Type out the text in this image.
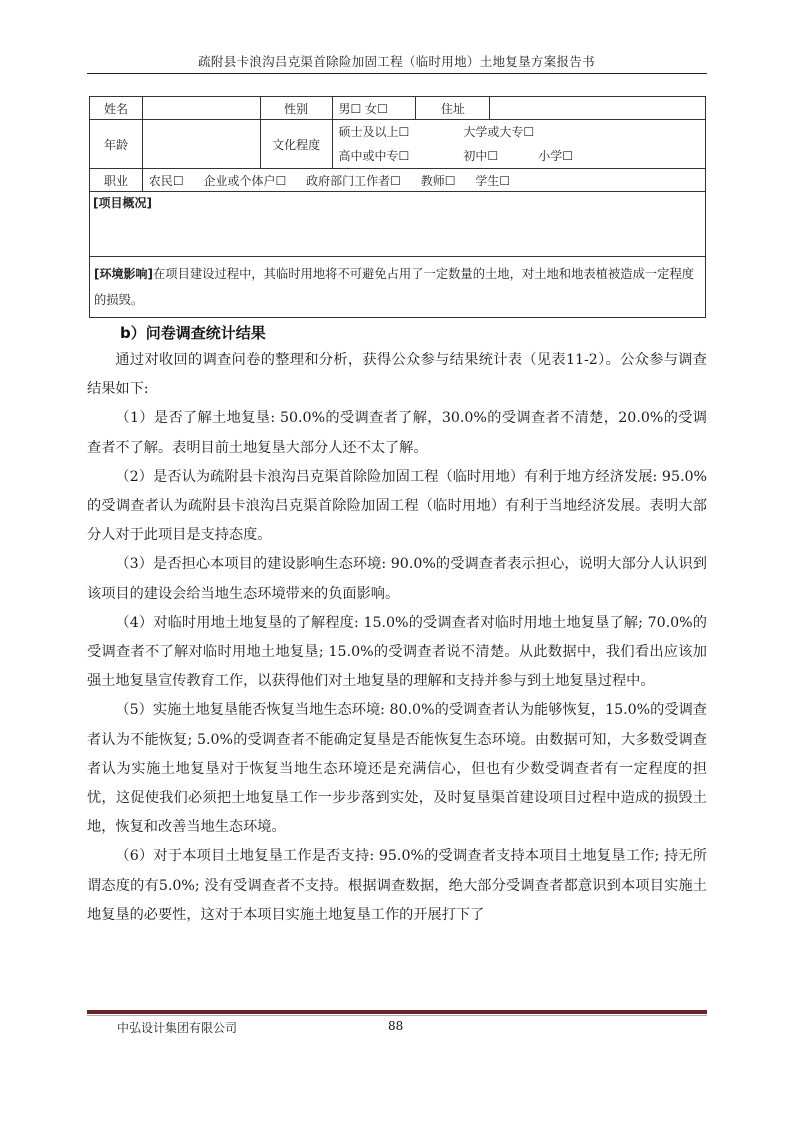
疏附县卡浪沟吕克渠首除险加固工程（临时用地）土地复垦方案报告书
姓名		性别	男☐ 女☐	住址	
年龄		文化程度	硕士及以上☐ 大学或大专☐
高中或中专☐ 初中☐ 小学☐		

职业	农民☐ 企业或个体户☐ 政府部门工作者☐ 教师☐ 学生☐				
[项目概况]					
[环境影响]在项目建设过程中，其临时用地将不可避免占用了一定数量的土地，对土地和地表植被造成一定程度的损毁。					
b）问卷调查统计结果

通过对收回的调查问卷的整理和分析，获得公众参与结果统计表（见表11-2）。公众参与调查结果如下:

（1）是否了解土地复垦: 50.0%的受调查者了解，30.0%的受调查者不清楚，20.0%的受调查者不了解。表明目前土地复垦大部分人还不太了解。

（2）是否认为疏附县卡浪沟吕克渠首除险加固工程（临时用地）有利于地方经济发展: 95.0%的受调查者认为疏附县卡浪沟吕克渠首除险加固工程（临时用地）有利于当地经济发展。表明大部分人对于此项目是支持态度。

（3）是否担心本项目的建设影响生态环境: 90.0%的受调查者表示担心，说明大部分人认识到该项目的建设会给当地生态环境带来的负面影响。

（4）对临时用地土地复垦的了解程度: 15.0%的受调查者对临时用地土地复垦了解; 70.0%的受调查者不了解对临时用地土地复垦; 15.0%的受调查者说不清楚。从此数据中，我们看出应该加强土地复垦宣传教育工作，以获得他们对土地复垦的理解和支持并参与到土地复垦过程中。

（5）实施土地复垦能否恢复当地生态环境: 80.0%的受调查者认为能够恢复，15.0%的受调查者认为不能恢复; 5.0%的受调查者不能确定复垦是否能恢复生态环境。由数据可知，大多数受调查者认为实施土地复垦对于恢复当地生态环境还是充满信心，但也有少数受调查者有一定程度的担忧，这促使我们必须把土地复垦工作一步步落到实处，及时复垦渠首建设项目过程中造成的损毁土地，恢复和改善当地生态环境。

（6）对于本项目土地复垦工作是否支持: 95.0%的受调查者支持本项目土地复垦工作; 持无所谓态度的有5.0%; 没有受调查者不支持。根据调查数据，绝大部分受调查者都意识到本项目实施土地复垦的必要性，这对于本项目实施土地复垦工作的开展打下了

中弘设计集团有限公司	88
